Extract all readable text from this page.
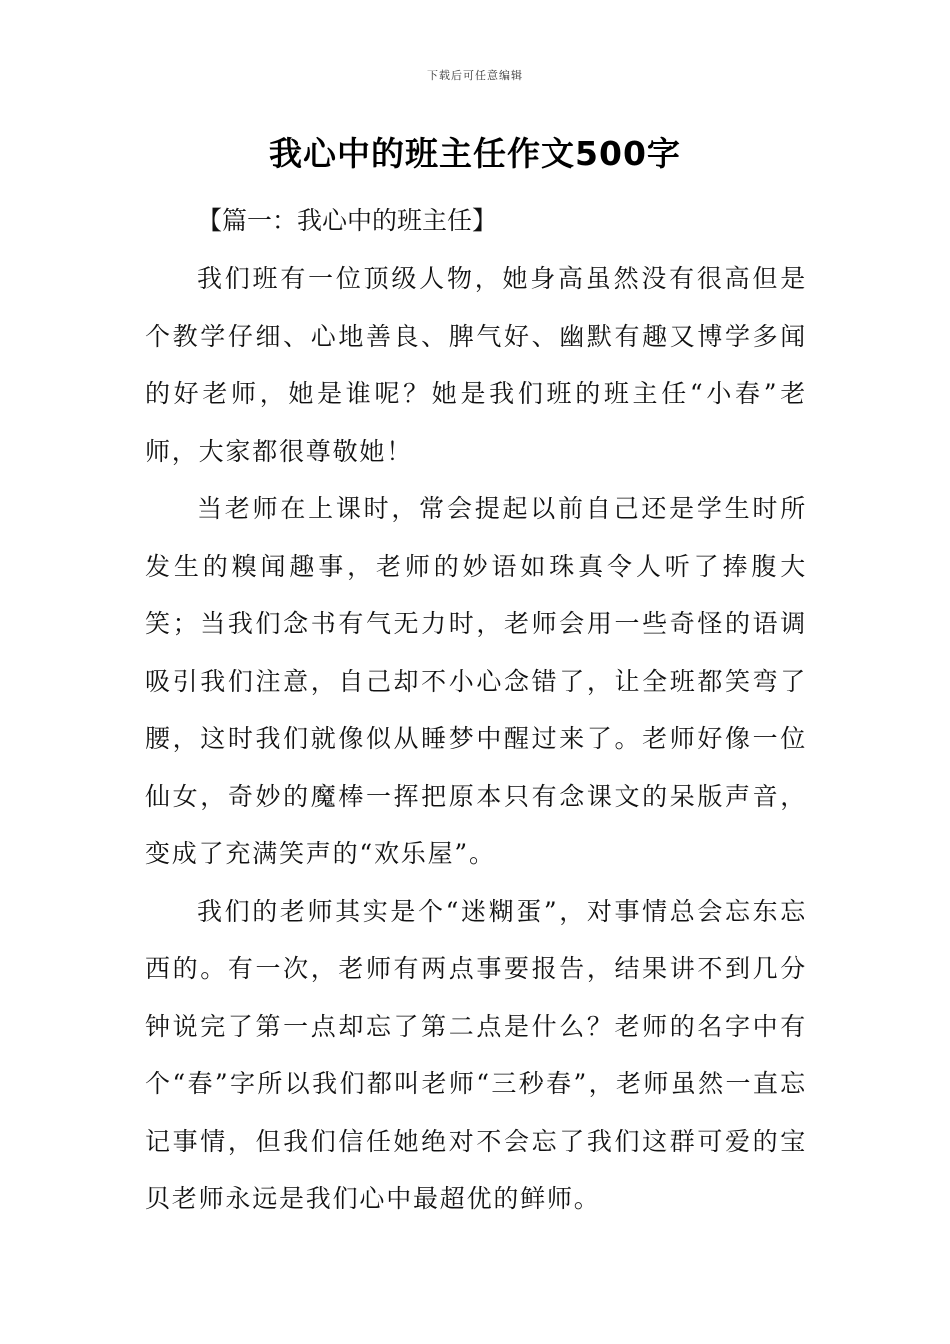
下载后可任意编辑
我心中的班主任作文500字
【篇一：我心中的班主任】

我们班有一位顶级人物，她身高虽然没有很高但是个教学仔细、心地善良、脾气好、幽默有趣又博学多闻的好老师，她是谁呢？她是我们班的班主任“小春”老师，大家都很尊敬她！

当老师在上课时，常会提起以前自己还是学生时所发生的糗闻趣事，老师的妙语如珠真令人听了捧腹大笑；当我们念书有气无力时，老师会用一些奇怪的语调吸引我们注意，自己却不小心念错了，让全班都笑弯了腰，这时我们就像似从睡梦中醒过来了。老师好像一位仙女，奇妙的魔棒一挥把原本只有念课文的呆版声音，变成了充满笑声的“欢乐屋”。

我们的老师其实是个“迷糊蛋”，对事情总会忘东忘西的。有一次，老师有两点事要报告，结果讲不到几分钟说完了第一点却忘了第二点是什么？老师的名字中有个“春”字所以我们都叫老师“三秒春”，老师虽然一直忘记事情，但我们信任她绝对不会忘了我们这群可爱的宝贝老师永远是我们心中最超优的鲜师。
